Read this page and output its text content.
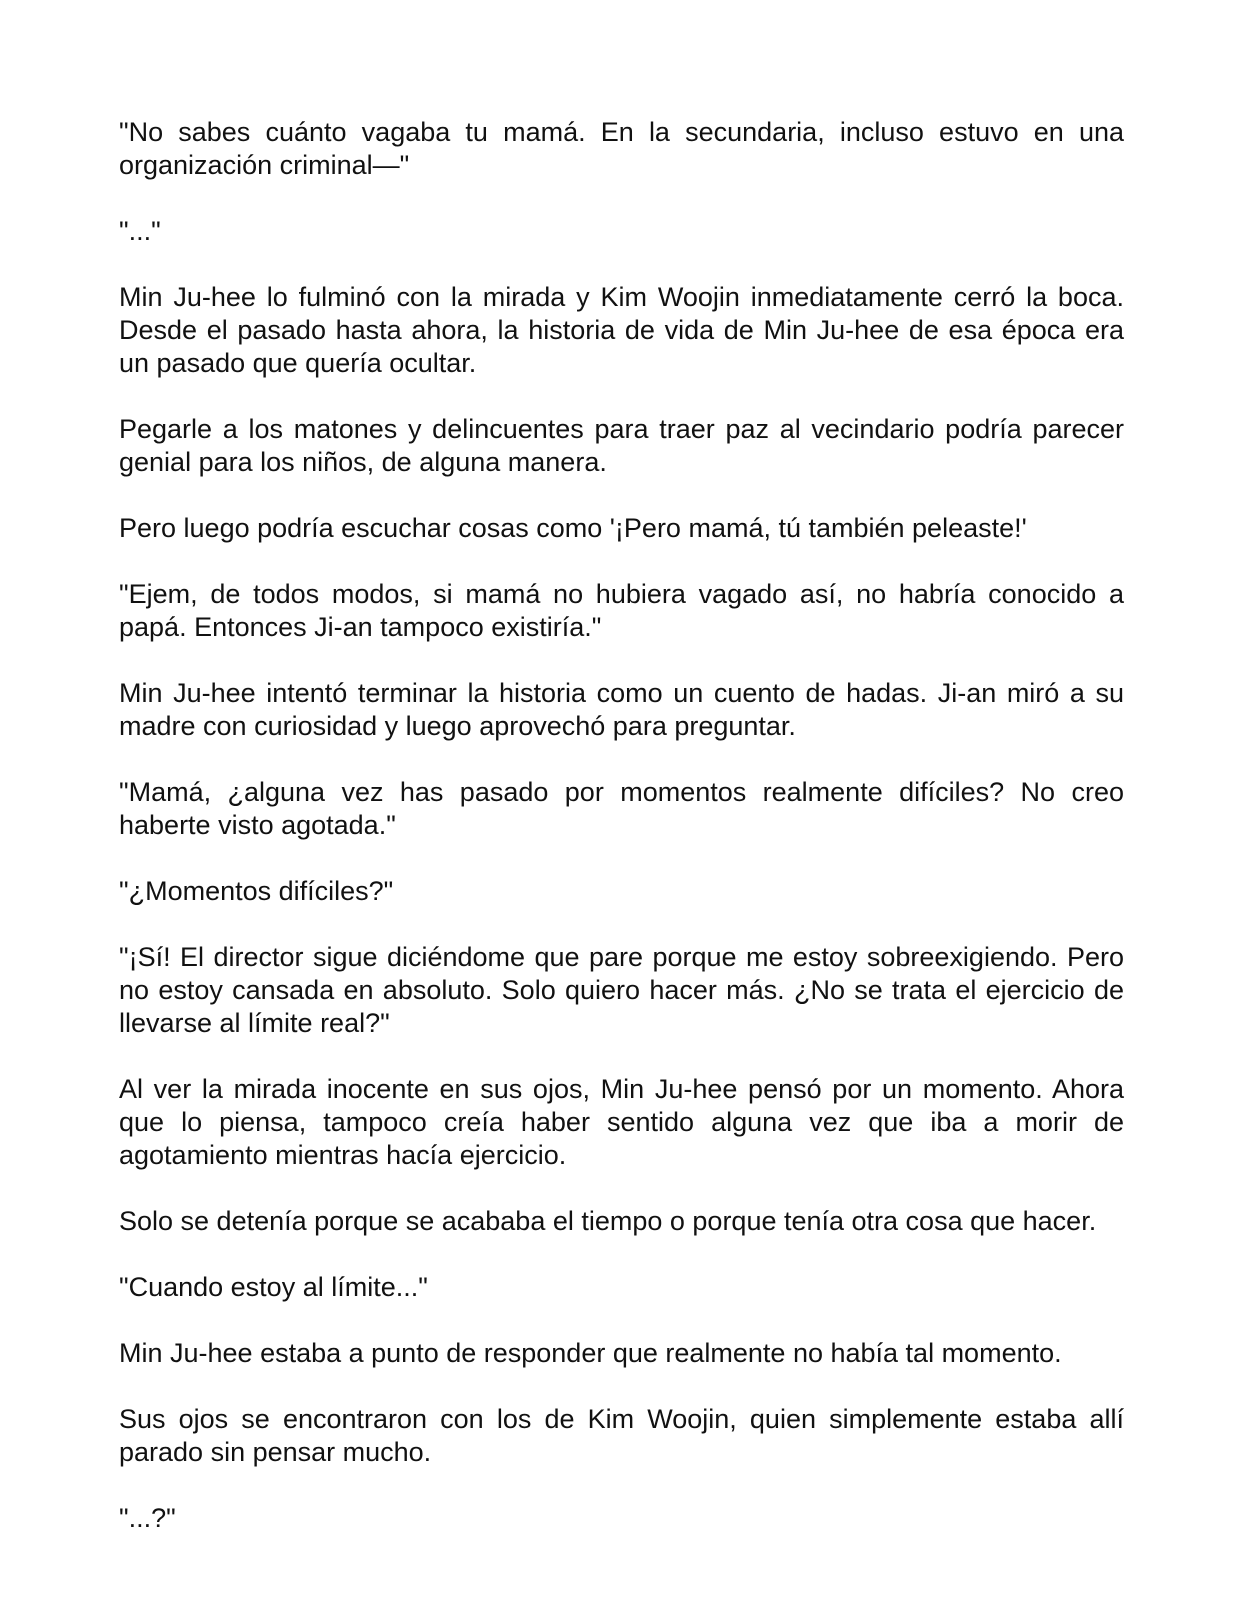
"No sabes cuánto vagaba tu mamá. En la secundaria, incluso estuvo en una organización criminal—"

"..."

Min Ju-hee lo fulminó con la mirada y Kim Woojin inmediatamente cerró la boca. Desde el pasado hasta ahora, la historia de vida de Min Ju-hee de esa época era un pasado que quería ocultar.

Pegarle a los matones y delincuentes para traer paz al vecindario podría parecer genial para los niños, de alguna manera.

Pero luego podría escuchar cosas como '¡Pero mamá, tú también peleaste!'

"Ejem, de todos modos, si mamá no hubiera vagado así, no habría conocido a papá. Entonces Ji-an tampoco existiría."

Min Ju-hee intentó terminar la historia como un cuento de hadas. Ji-an miró a su madre con curiosidad y luego aprovechó para preguntar.

"Mamá, ¿alguna vez has pasado por momentos realmente difíciles? No creo haberte visto agotada."

"¿Momentos difíciles?"

"¡Sí! El director sigue diciéndome que pare porque me estoy sobreexigiendo. Pero no estoy cansada en absoluto. Solo quiero hacer más. ¿No se trata el ejercicio de llevarse al límite real?"

Al ver la mirada inocente en sus ojos, Min Ju-hee pensó por un momento. Ahora que lo piensa, tampoco creía haber sentido alguna vez que iba a morir de agotamiento mientras hacía ejercicio.

Solo se detenía porque se acababa el tiempo o porque tenía otra cosa que hacer.

"Cuando estoy al límite..."

Min Ju-hee estaba a punto de responder que realmente no había tal momento.

Sus ojos se encontraron con los de Kim Woojin, quien simplemente estaba allí parado sin pensar mucho.

"...?"
